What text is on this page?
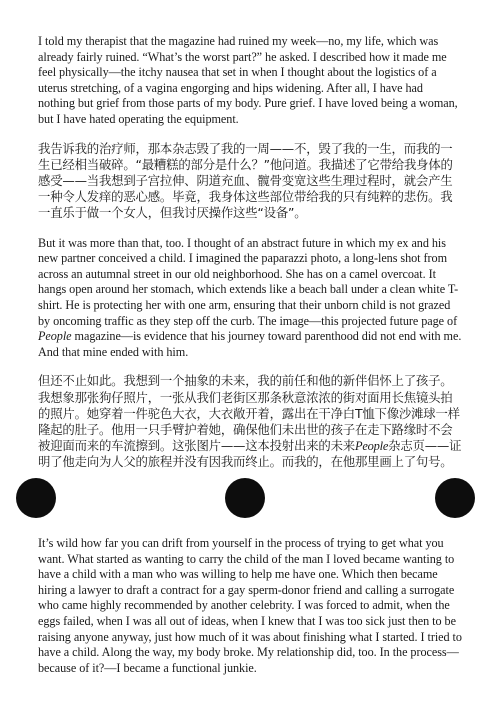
I told my therapist that the magazine had ruined my week—no, my life, which was already fairly ruined. “What’s the worst part?” he asked. I described how it made me feel physically—the itchy nausea that set in when I thought about the logistics of a uterus stretching, of a vagina engorging and hips widening. After all, I have had nothing but grief from those parts of my body. Pure grief. I have loved being a woman, but I have hated operating the equipment.

我告诉我的治疗师，那本杂志毁了我的一周——不，毁了我的一生，而我的一生已经相当破碎。“最糟糕的部分是什么？”他问道。我描述了它带给我身体的感受——当我想到子宫拉伸、阴道充血、髋骨变宽这些生理过程时，就会产生一种令人发痒的恶心感。毕竟，我身体这些部位带给我的只有纯粹的悲伤。我一直乐于做一个女人，但我讨厌操作这些“设备”。

But it was more than that, too. I thought of an abstract future in which my ex and his new partner conceived a child. I imagined the paparazzi photo, a long-lens shot from across an autumnal street in our old neighborhood. She has on a camel overcoat. It hangs open around her stomach, which extends like a beach ball under a clean white T-shirt. He is protecting her with one arm, ensuring that their unborn child is not grazed by oncoming traffic as they step off the curb. The image—this projected future page of People magazine—is evidence that his journey toward parenthood did not end with me. And that mine ended with him.

但还不止如此。我想到一个抽象的未来，我的前任和他的新伴侣怀上了孩子。我想象那张狗仔照片，一张从我们老街区那条秋意浓浓的街对面用长焦镜头拍的照片。她穿着一件驼色大衣，大衣敞开着，露出在干净白T恤下像沙滩球一样隆起的肚子。他用一只手臂护着她，确保他们未出世的孩子在走下路缘时不会被迎面而来的车流擦到。这张图片——这本投射出来的未来People杂志页——证明了他走向为人父的旅程并没有因我而终止。而我的，在他那里画上了句号。

It’s wild how far you can drift from yourself in the process of trying to get what you want. What started as wanting to carry the child of the man I loved became wanting to have a child with a man who was willing to help me have one. Which then became hiring a lawyer to draft a contract for a gay sperm-donor friend and calling a surrogate who came highly recommended by another celebrity. I was forced to admit, when the eggs failed, when I was all out of ideas, when I knew that I was too sick just then to be raising anyone anyway, just how much of it was about finishing what I started. I tried to have a child. Along the way, my body broke. My relationship did, too. In the process—because of it?—I became a functional junkie.
